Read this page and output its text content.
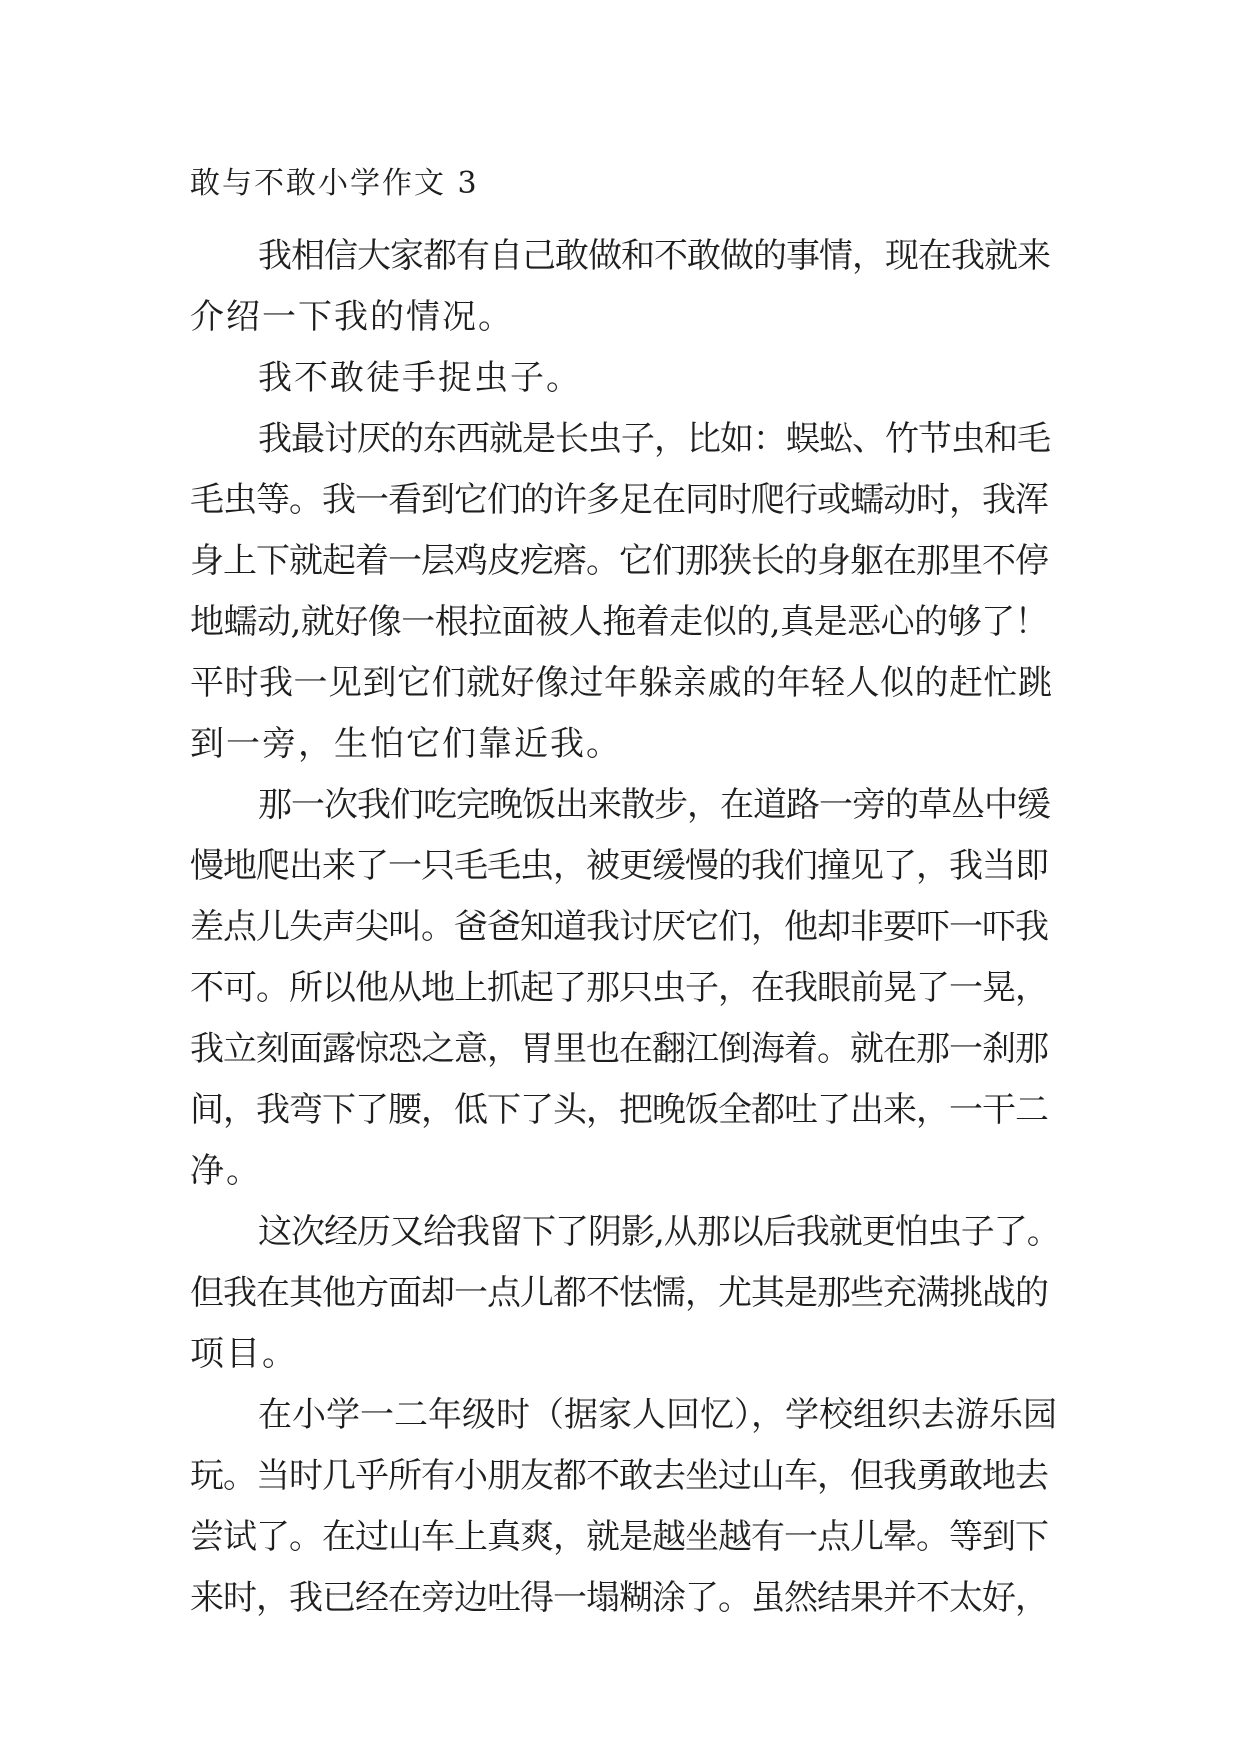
敢与不敢小学作文 3
我相信大家都有自己敢做和不敢做的事情，现在我就来
介绍一下我的情况。
我不敢徒手捉虫子。
我最讨厌的东西就是长虫子，比如：蜈蚣、竹节虫和毛
毛虫等。我一看到它们的许多足在同时爬行或蠕动时，我浑
身上下就起着一层鸡皮疙瘩。它们那狭长的身躯在那里不停
地蠕动,就好像一根拉面被人拖着走似的,真是恶心的够了！
平时我一见到它们就好像过年躲亲戚的年轻人似的赶忙跳
到一旁，生怕它们靠近我。
那一次我们吃完晚饭出来散步，在道路一旁的草丛中缓
慢地爬出来了一只毛毛虫，被更缓慢的我们撞见了，我当即
差点儿失声尖叫。爸爸知道我讨厌它们，他却非要吓一吓我
不可。所以他从地上抓起了那只虫子，在我眼前晃了一晃，
我立刻面露惊恐之意，胃里也在翻江倒海着。就在那一刹那
间，我弯下了腰，低下了头，把晚饭全都吐了出来，一干二
净。
这次经历又给我留下了阴影,从那以后我就更怕虫子了。
但我在其他方面却一点儿都不怯懦，尤其是那些充满挑战的
项目。
在小学一二年级时（据家人回忆），学校组织去游乐园
玩。当时几乎所有小朋友都不敢去坐过山车，但我勇敢地去
尝试了。在过山车上真爽，就是越坐越有一点儿晕。等到下
来时，我已经在旁边吐得一塌糊涂了。虽然结果并不太好，
